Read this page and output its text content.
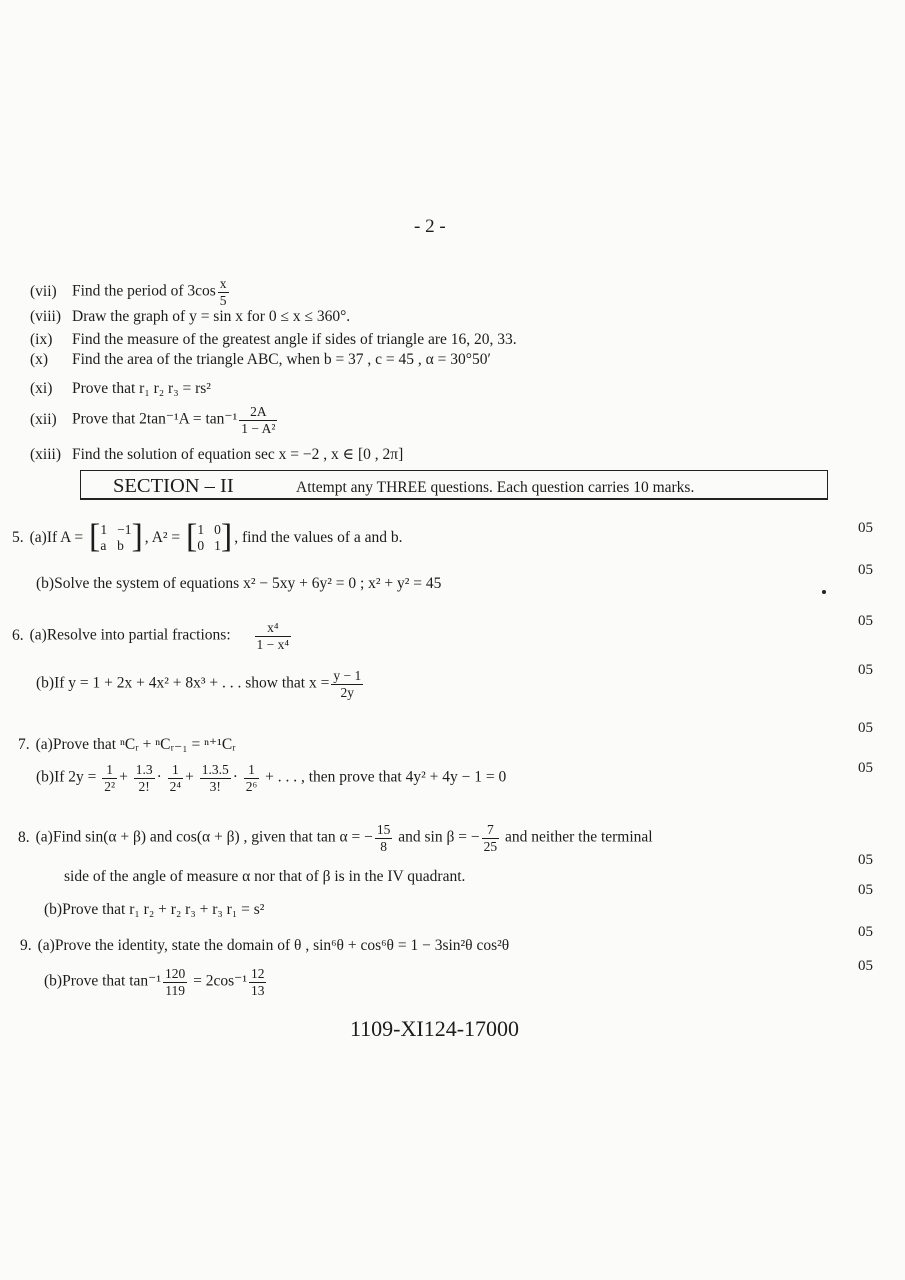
- 2 -
(vii) Find the period of $3\cos \frac{x}{5}$
(viii) Draw the graph of y = sin x for 0 ≤ x ≤ 360°.
(ix) Find the measure of the greatest angle if sides of triangle are 16, 20, 33.
(x) Find the area of the triangle ABC, when b = 37 , c = 45 , α = 30°50′
(xi) Prove that r₁ r₂ r₃ = rs²
(xii) Prove that $2\tan^{-1}A = \tan^{-1} \frac{2A}{\text{1 − A²}}$
(xiii) Find the solution of equation sec x = −2 , x ∈ [0 , 2π]
SECTION – II	Attempt any THREE questions. Each question carries 10 marks.
5. (a)If A = [ 1 −1
a b ] , A² = [ 1 0
0 1 ] , find the values of a and b.
05
(b)Solve the system of equations x² − 5xy + 6y² = 0 ; x² + y² = 45
05
6. (a)Resolve into partial fractions: $\frac{\text{x⁴}}{\text{1 − x⁴}}$	05
(b)If y = 1 + 2x + 4x² + 8x³ + . . . show that $x = \frac{y - 1}{2y}$	05
7. (a)Prove that ⁿCᵣ + ⁿCᵣ₋₁ = ⁿ⁺¹Cᵣ
05
(b)If $2y = \frac{1}{\text{2²}} + \frac{1.3}{2!} \cdot \frac{1}{\text{2⁴}} + \frac{1.3.5}{3!} \cdot \frac{1}{\text{2⁶}}$ + . . . , then prove that 4y² + 4y − 1 = 0
05
8. (a)Find sin(α + β) and cos(α + β) , given that tan α = − $\frac{15}{8}$ and sin β = − $\frac{7}{25}$ and neither the terminal
side of the angle of measure α nor that of β is in the IV quadrant.
05
(b)Prove that r₁ r₂ + r₂ r₃ + r₃ r₁ = s²
05
9. (a)Prove the identity, state the domain of θ , sin⁶θ + cos⁶θ = 1 − 3sin²θ cos²θ
05
(b)Prove that $\tan^{-1} \frac{120}{119} = 2\cos^{-1} \frac{12}{13}$	05
1109-XI124-17000
